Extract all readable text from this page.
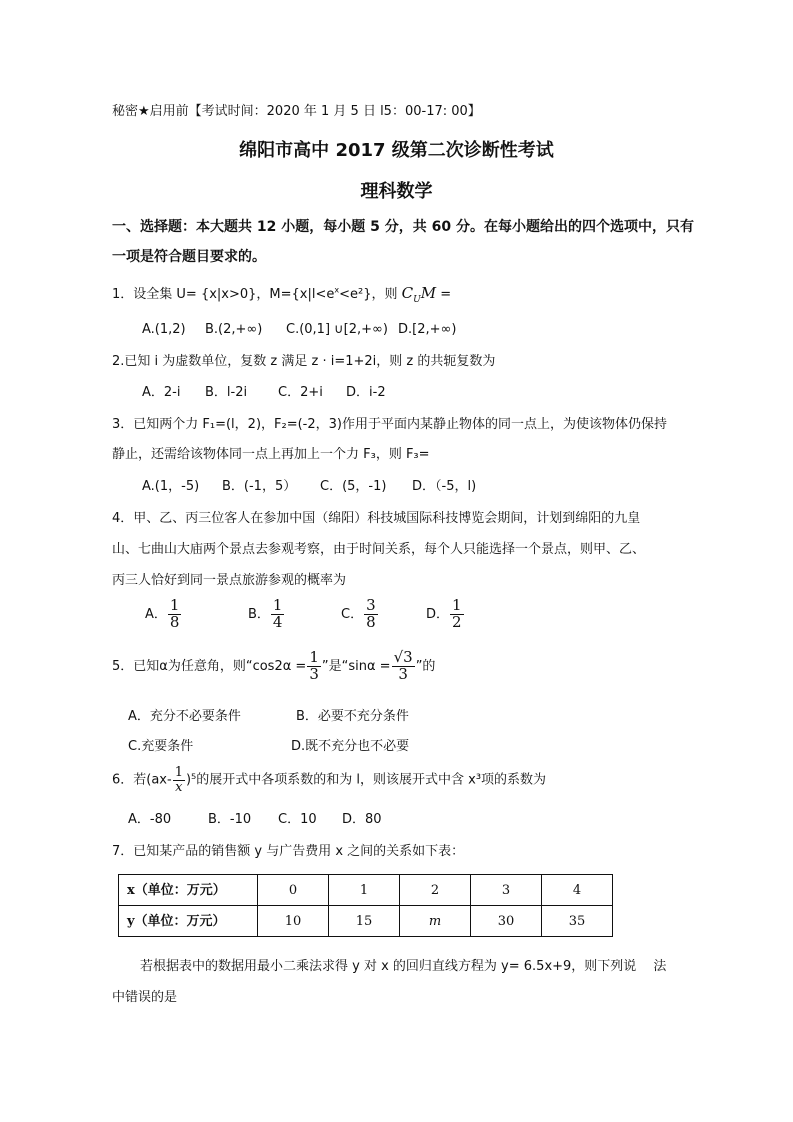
秘密★启用前【考试时间：2020 年 1 月 5 日 l5：00-17: 00】
绵阳市高中 2017 级第二次诊断性考试
理科数学
一、选择题：本大题共 12 小题，每小题 5 分，共 60 分。在每小题给出的四个选项中，只有
一项是符合题目要求的。
1．设全集 U= {x|x>0}，$M=\{x|l<e^x<e^2\}$，则 $C_UM$ =
A.(1,2) B.(2,+∞) C.(0,1] ∪[2,+∞) D.[2,+∞)
2.已知 i 为虚数单位，复数 z 满足 z · i=1+2i，则 z 的共轭复数为
A．2-i B．l-2i C．2+i D．i-2
3．已知两个力 F₁=(l，2)，F₂=(-2，3)作用于平面内某静止物体的同一点上，为使该物体仍保持
静止，还需给该物体同一点上再加上一个力 F₃，则 F₃=
A.(1，-5) B．(-1，5） C．(5，-1) D．（-5，l)
4．甲、乙、丙三位客人在参加中国（绵阳）科技城国际科技博览会期间，计划到绵阳的九皇
山、七曲山大庙两个景点去参观考察，由于时间关系，每个人只能选择一个景点，则甲、乙、
丙三人恰好到同一景点旅游参观的概率为
A． $\frac{1}{8}$	B． $\frac{1}{4}$	C． $\frac{3}{8}$	D． $\frac{1}{2}$
5．已知α为任意角，则“$\cos 2\alpha = \frac{1}{3}$ ”是“$\sin\alpha = \frac{√3}{3}$ ”的
A．充分不必要条件	B．必要不充分条件
C.充要条件	D.既不充分也不必要
6．若$(ax- \frac{1}{x} )^5$的展开式中各项系数的和为 l，则该展开式中含 x³项的系数为
A．-80	B．-10 C．10 D．80
7．已知某产品的销售额 y 与广告费用 x 之间的关系如下表：
x（单位：万元）	0	1	2	3	4
y（单位：万元）	10	15	m	30	35
若根据表中的数据用最小二乘法求得 y 对 x 的回归直线方程为 y= 6.5x+9，则下列说　 法
中错误的是
